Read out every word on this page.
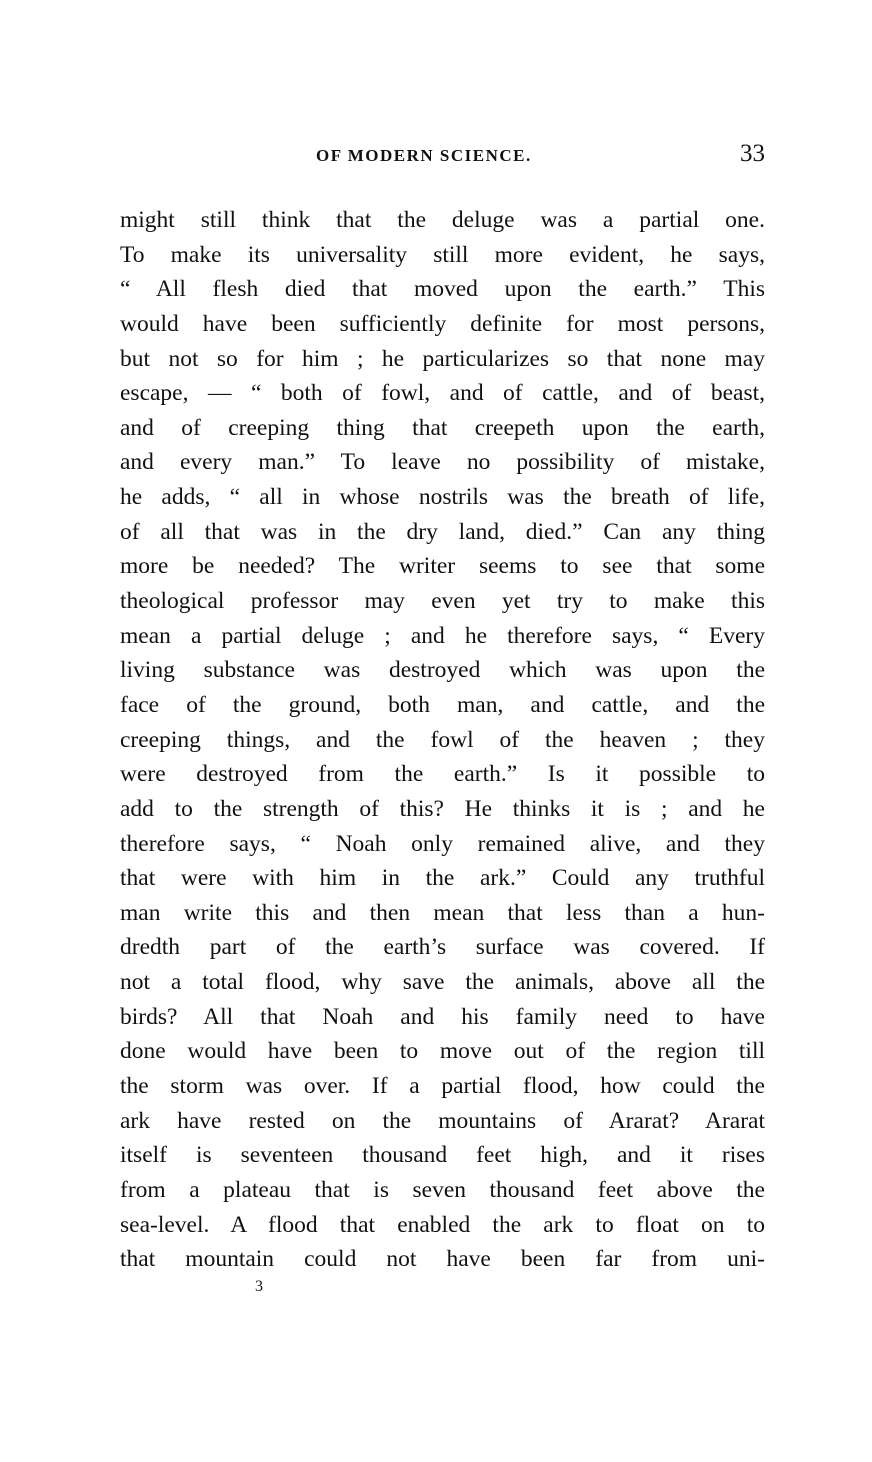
OF MODERN SCIENCE.	33
might still think that the deluge was a partial one.
To make its universality still more evident, he says,
“ All flesh died that moved upon the earth.” This
would have been sufficiently definite for most persons,
but not so for him ; he particularizes so that none may
escape, — “ both of fowl, and of cattle, and of beast,
and of creeping thing that creepeth upon the earth,
and every man.” To leave no possibility of mistake,
he adds, “ all in whose nostrils was the breath of life,
of all that was in the dry land, died.” Can any thing
more be needed? The writer seems to see that some
theological professor may even yet try to make this
mean a partial deluge ; and he therefore says, “ Every
living substance was destroyed which was upon the
face of the ground, both man, and cattle, and the
creeping things, and the fowl of the heaven ; they
were destroyed from the earth.” Is it possible to
add to the strength of this? He thinks it is ; and he
therefore says, “ Noah only remained alive, and they
that were with him in the ark.” Could any truthful
man write this and then mean that less than a hun-
dredth part of the earth’s surface was covered. If
not a total flood, why save the animals, above all the
birds? All that Noah and his family need to have
done would have been to move out of the region till
the storm was over. If a partial flood, how could the
ark have rested on the mountains of Ararat? Ararat
itself is seventeen thousand feet high, and it rises
from a plateau that is seven thousand feet above the
sea-level. A flood that enabled the ark to float on to
that mountain could not have been far from uni-
3
